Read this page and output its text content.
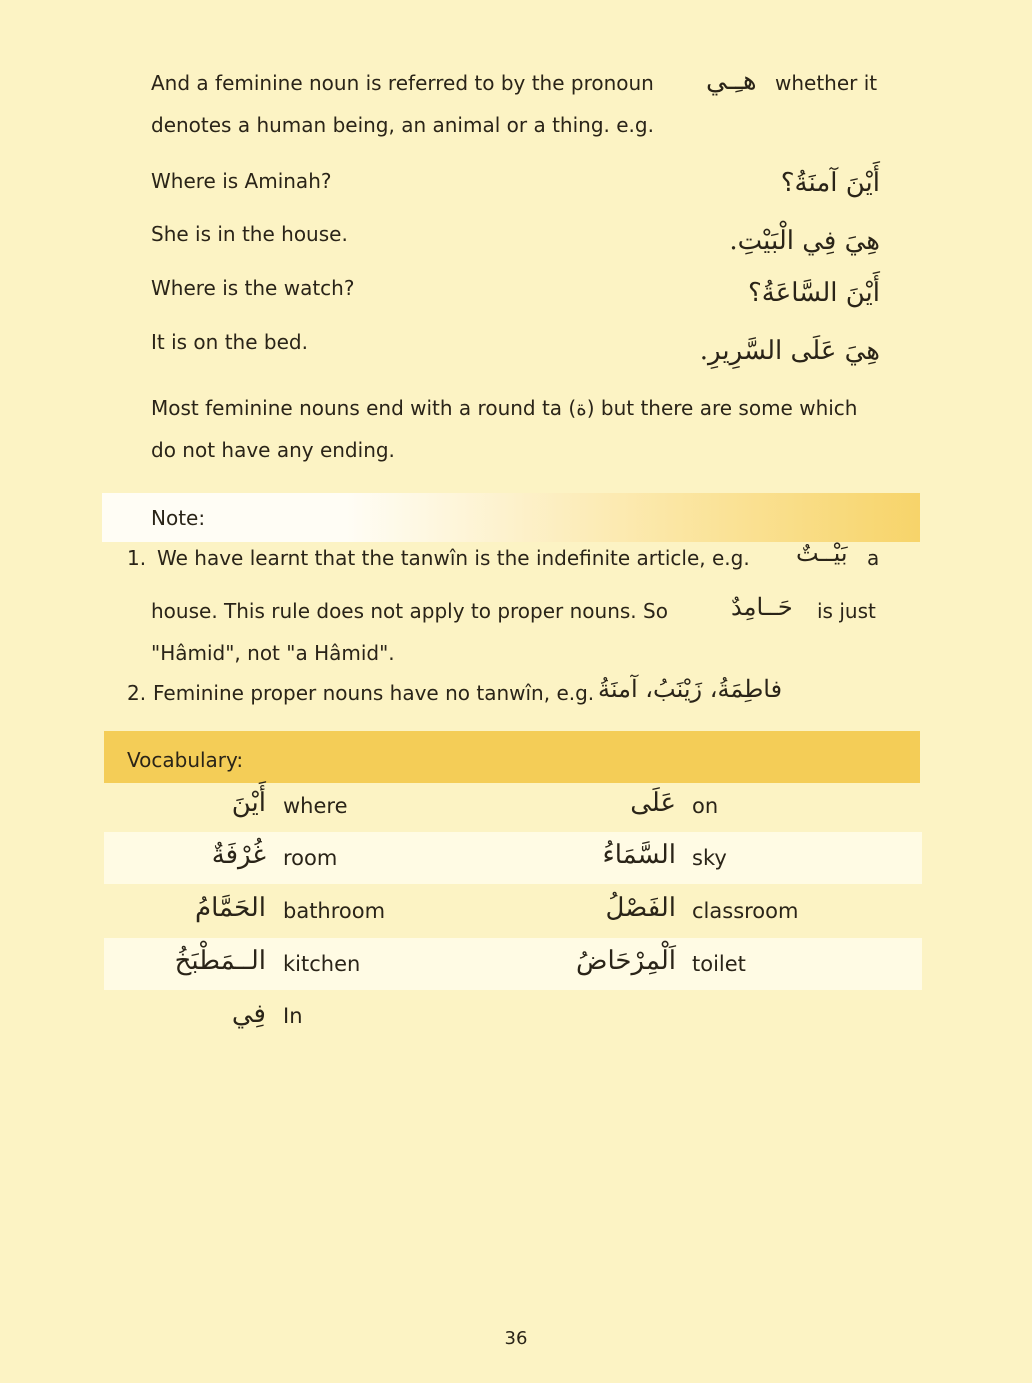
And a feminine noun is referred to by the pronoun هـِـي whether it
denotes a human being, an animal or a thing. e.g.
Where is Aminah?	أَيْنَ آمنَةُ؟
She is in the house.	هِيَ فِي الْبَيْتِ.
Where is the watch?	أَيْنَ السَّاعَةُ؟
It is on the bed.	هِيَ عَلَى السَّرِيرِ.
Most feminine nouns end with a round ta (ة) but there are some which
do not have any ending.
Note:
1. We have learnt that the tanwîn is the indefinite article, e.g. بَيْــتٌ a
house. This rule does not apply to proper nouns. So	حَــامِدٌ is just
"Hâmid", not "a Hâmid".
2. Feminine proper nouns have no tanwîn, e.g. فاطِمَةُ، زَيْنَبُ، آمنَةُ
Vocabulary:
أَيْنَ where	عَلَى on
غُرْفَةٌ room	السَّمَاءُ sky
الحَمَّامُ bathroom	الفَصْلُ classroom
الــمَطْبَخُ kitchen	اَلْمِرْحَاضُ toilet
فِي In
36
